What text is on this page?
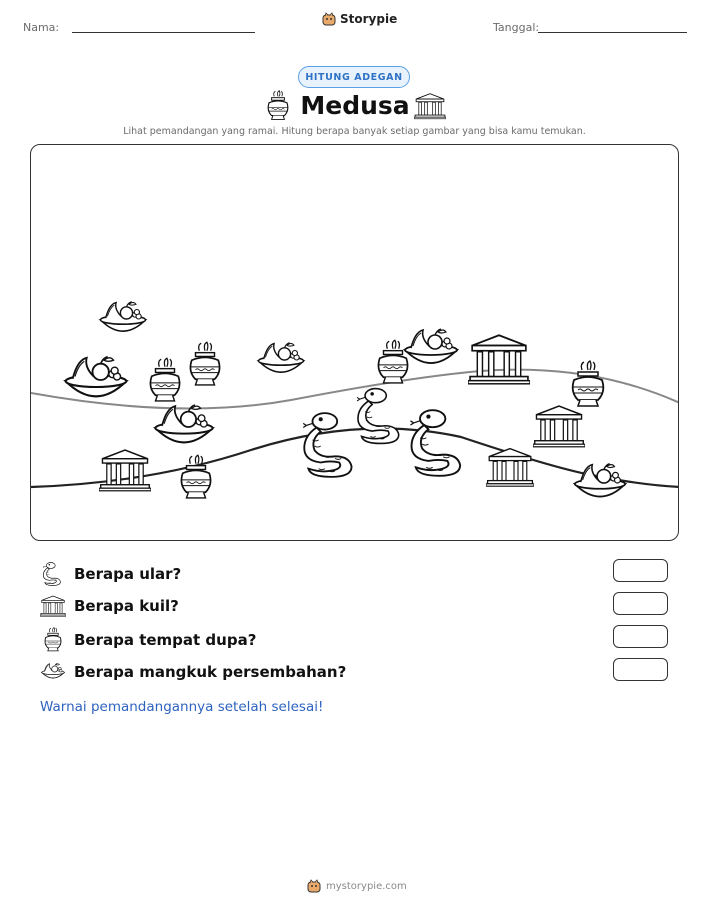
Nama:
Storypie
Tanggal:
HITUNG ADEGAN
Medusa
Lihat pemandangan yang ramai. Hitung berapa banyak setiap gambar yang bisa kamu temukan.
Berapa ular?
Berapa kuil?
Berapa tempat dupa?
Berapa mangkuk persembahan?
Warnai pemandangannya setelah selesai!
mystorypie.com
